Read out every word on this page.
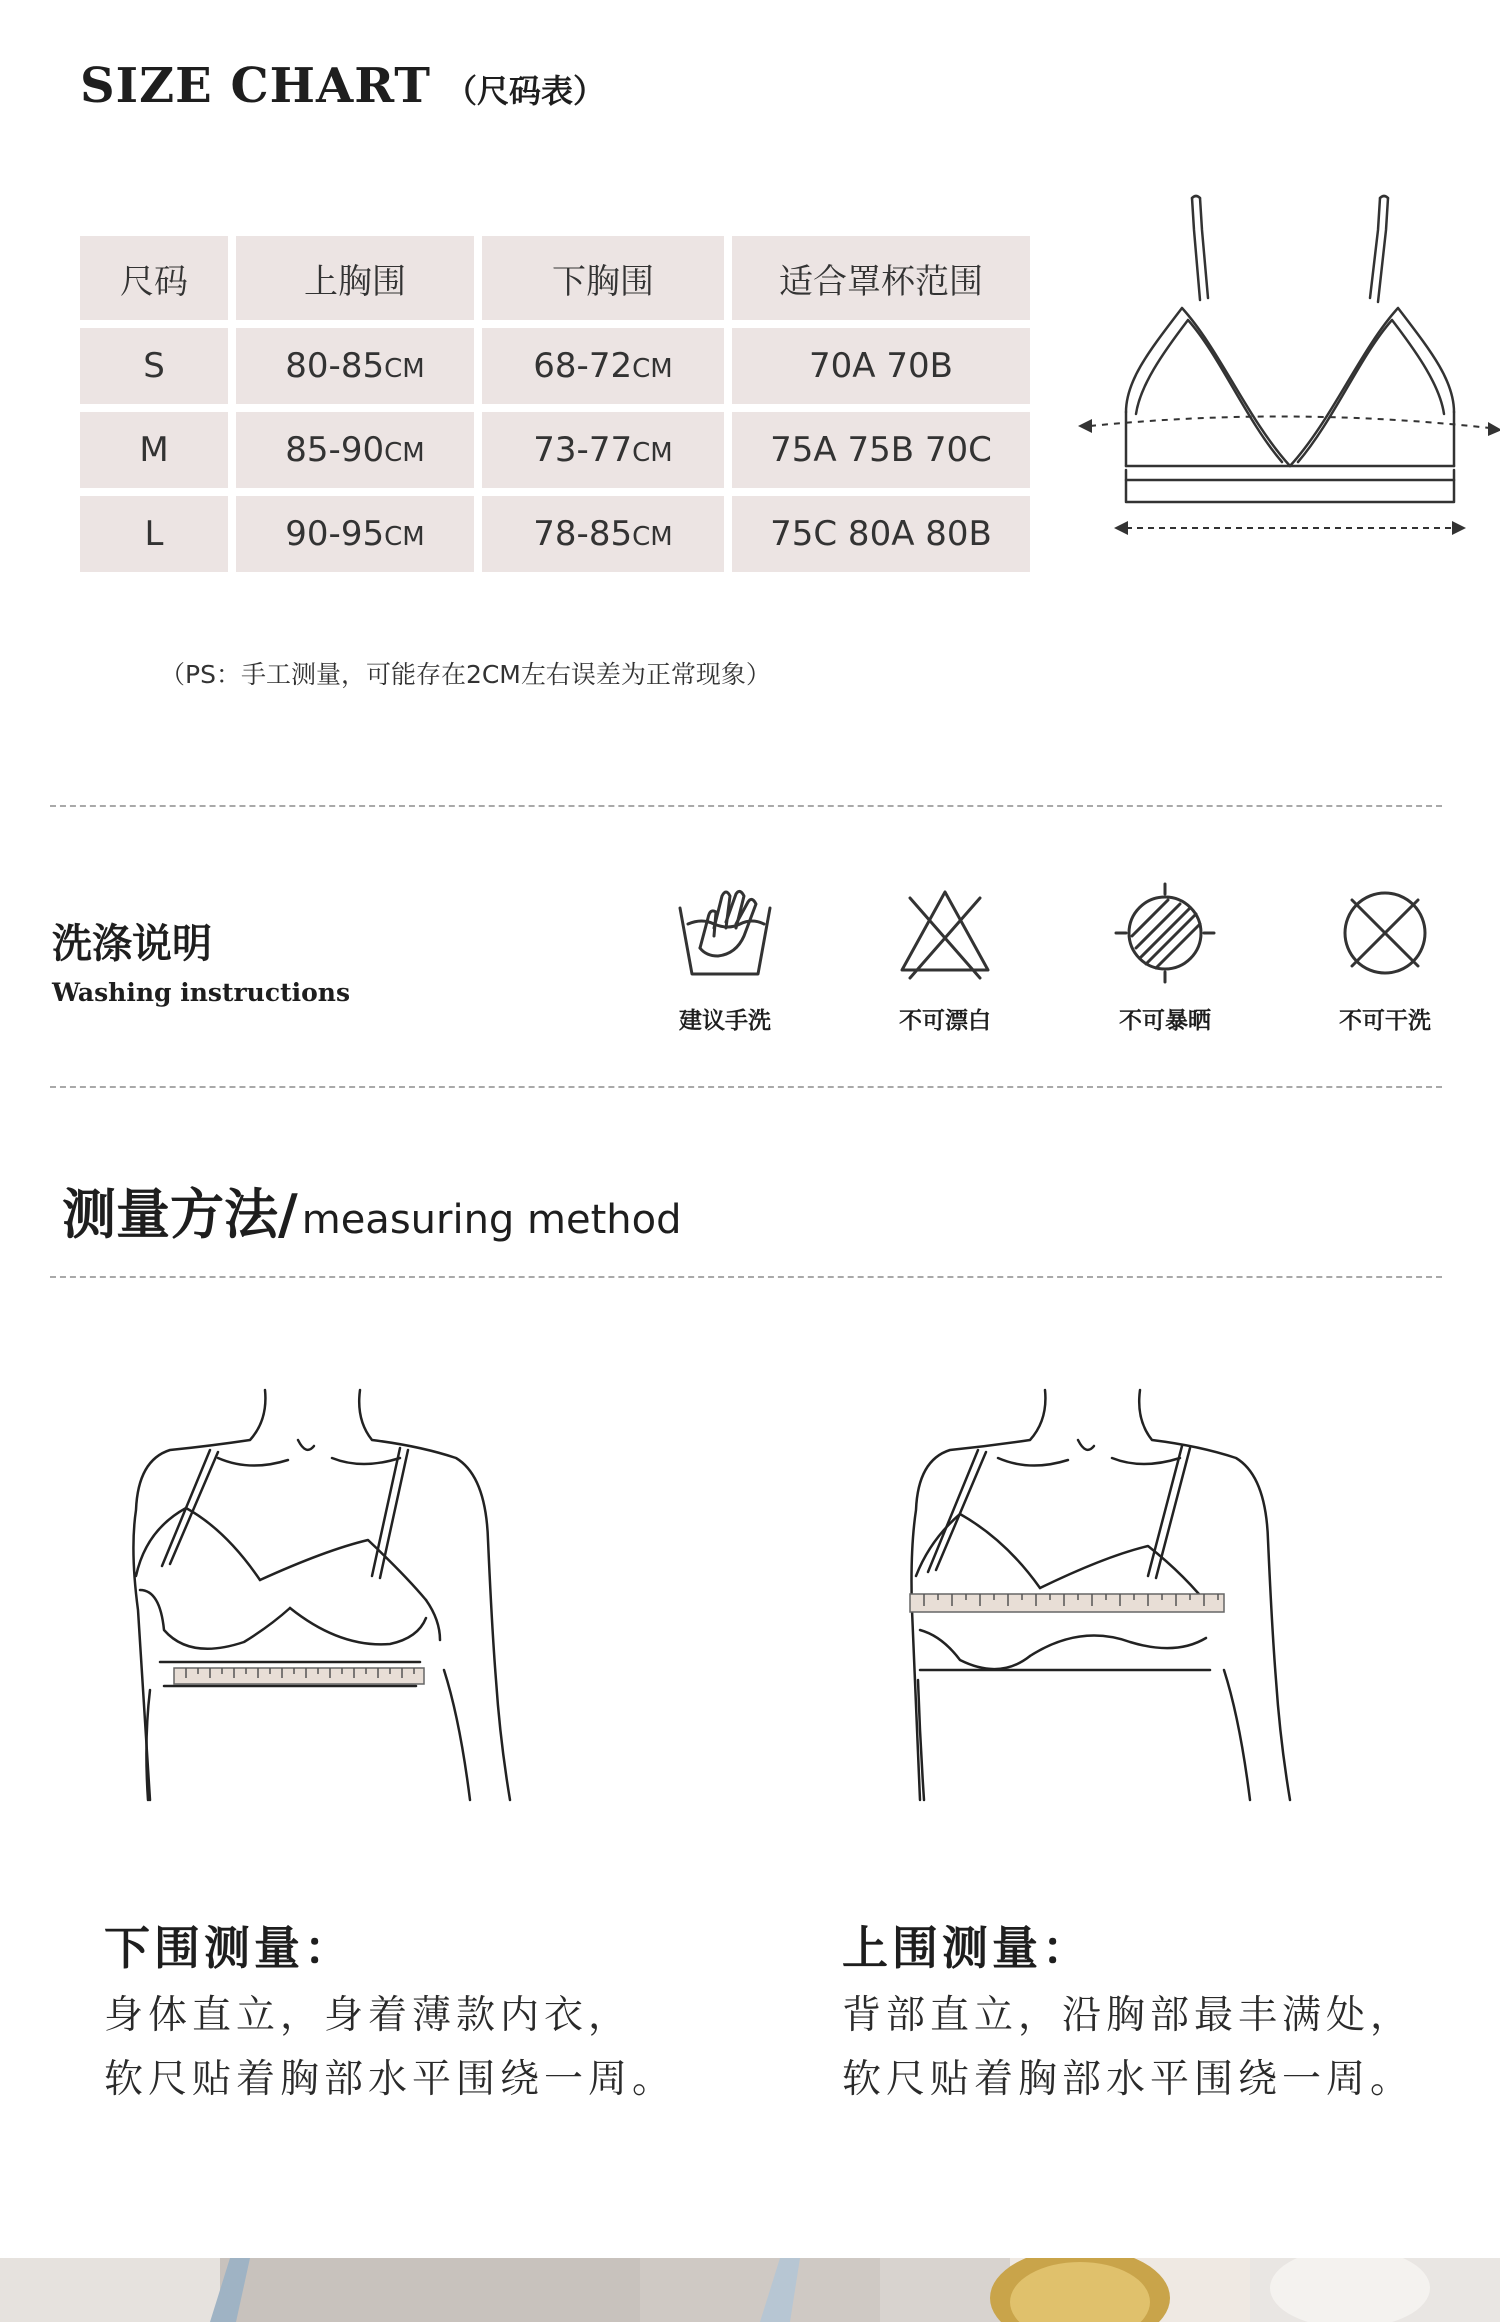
SIZE CHART （尺码表）
尺码	上胸围	下胸围	适合罩杯范围
S	80-85CM	68-72CM	70A 70B
M	85-90CM	73-77CM	75A 75B 70C
L	90-95CM	78-85CM	75C 80A 80B
（PS：手工测量，可能存在2CM左右误差为正常现象）
洗涤说明
Washing instructions
建议手洗	不可漂白	不可暴晒	不可干洗
测量方法/ measuring method
下围测量：
身体直立，身着薄款内衣，
软尺贴着胸部水平围绕一周。
上围测量：
背部直立，沿胸部最丰满处，
软尺贴着胸部水平围绕一周。
